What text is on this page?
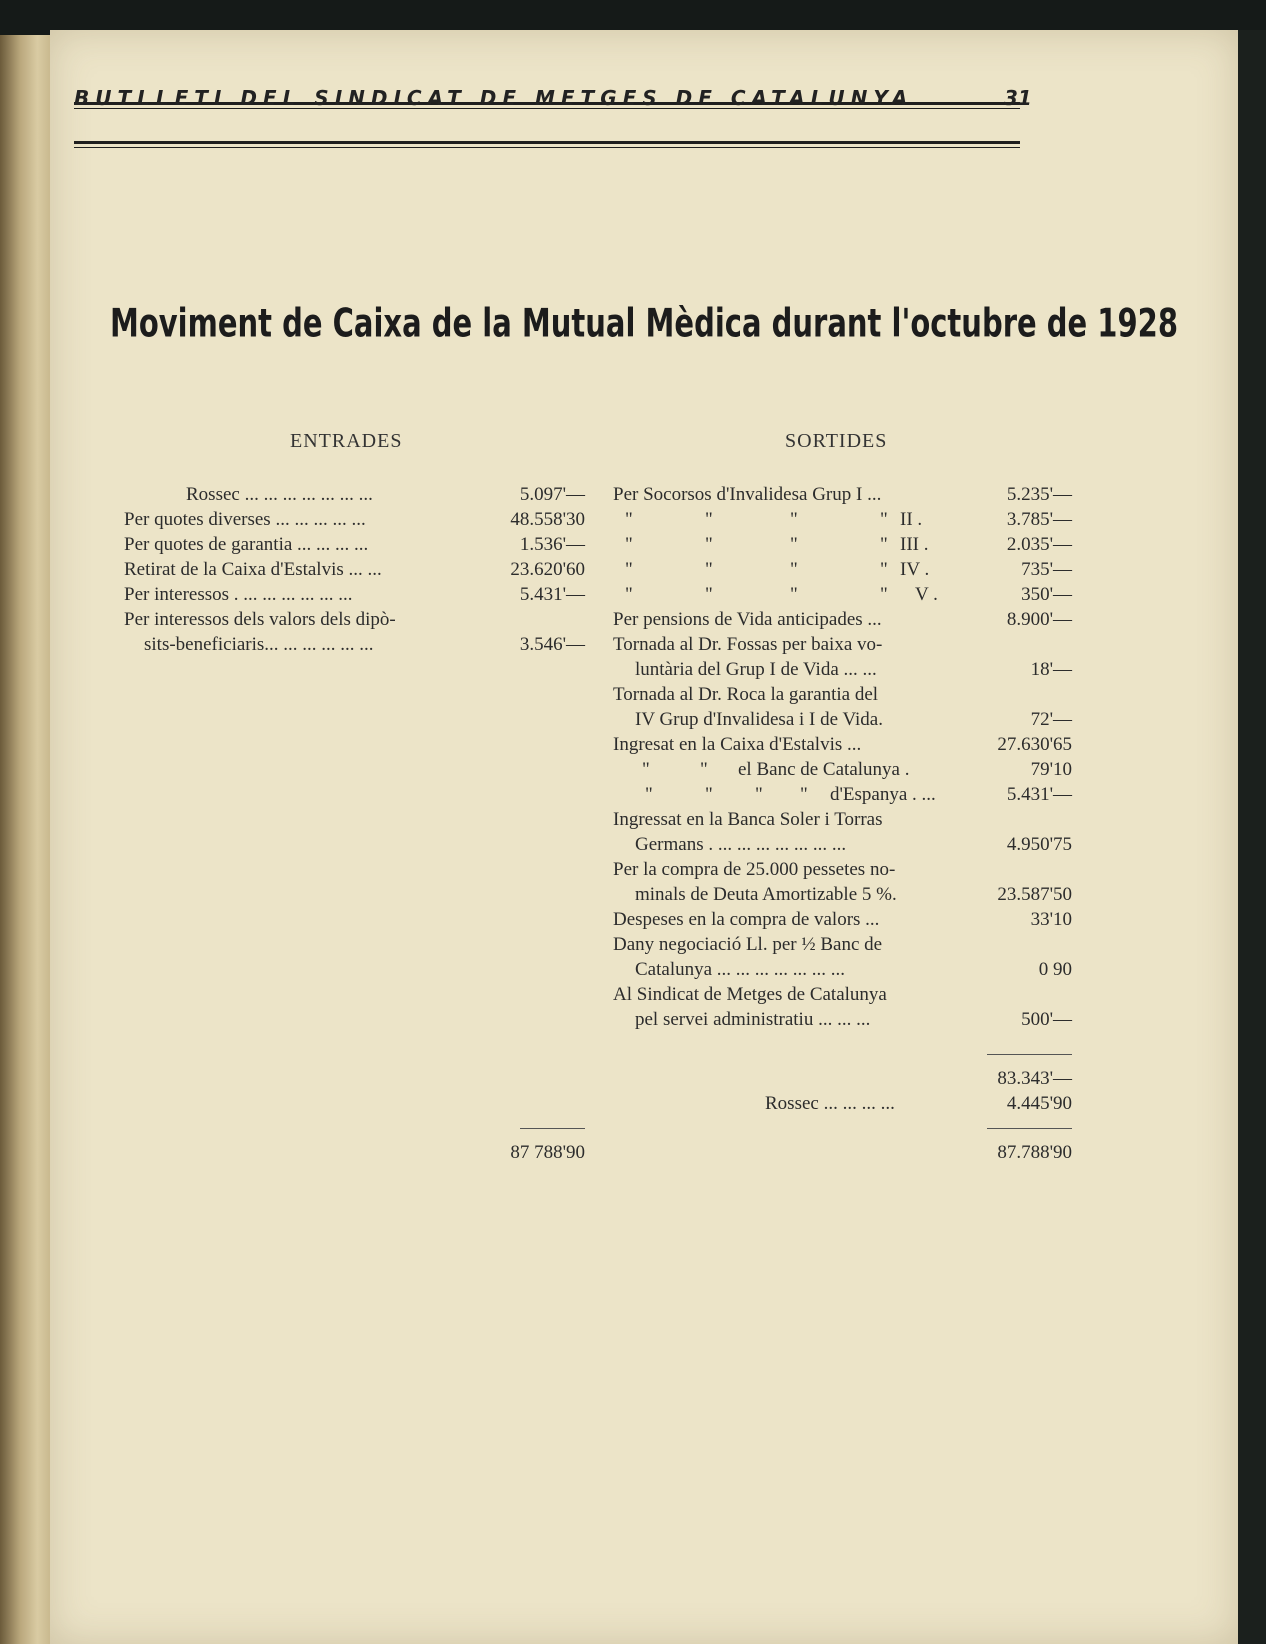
BUTLLETI DEL SINDICAT DE METGES DE CATALUNYA	31
Moviment de Caixa de la Mutual Mèdica durant l'octubre de 1928
ENTRADES	SORTIDES
Rossec ... ... ... ... ... ... ...	5.097'—
Per quotes diverses ... ... ... ... ...	48.558'30
Per quotes de garantia ... ... ... ...	1.536'—
Retirat de la Caixa d'Estalvis ... ...	23.620'60
Per interessos . ... ... ... ... ... ...	5.431'—
Per interessos dels valors dels dipò-
sits-beneficiaris... ... ... ... ... ...	3.546'—
87 788'90
Per Socorsos d'Invalidesa Grup I ...	5.235'—
"	"	"	" II .	3.785'—
"	"	"	" III .	2.035'—
"	"	"	" IV .	735'—
"	"	"	" V .	350'—
Per pensions de Vida anticipades ...	8.900'—
Tornada al Dr. Fossas per baixa vo-
luntària del Grup I de Vida ... ...	18'—
Tornada al Dr. Roca la garantia del
IV Grup d'Invalidesa i I de Vida.	72'—
Ingresat en la Caixa d'Estalvis ...	27.630'65
"	" el Banc de Catalunya .	79'10
"	" " " d'Espanya . ...	5.431'—
Ingressat en la Banca Soler i Torras
Germans . ... ... ... ... ... ... ...	4.950'75
Per la compra de 25.000 pessetes no-
minals de Deuta Amortizable 5 %.	23.587'50
Despeses en la compra de valors ...	33'10
Dany negociació Ll. per ½ Banc de
Catalunya ... ... ... ... ... ... ...	0 90
Al Sindicat de Metges de Catalunya
pel servei administratiu ... ... ...	500'—
83.343'—
Rossec ... ... ... ...	4.445'90
87.788'90
